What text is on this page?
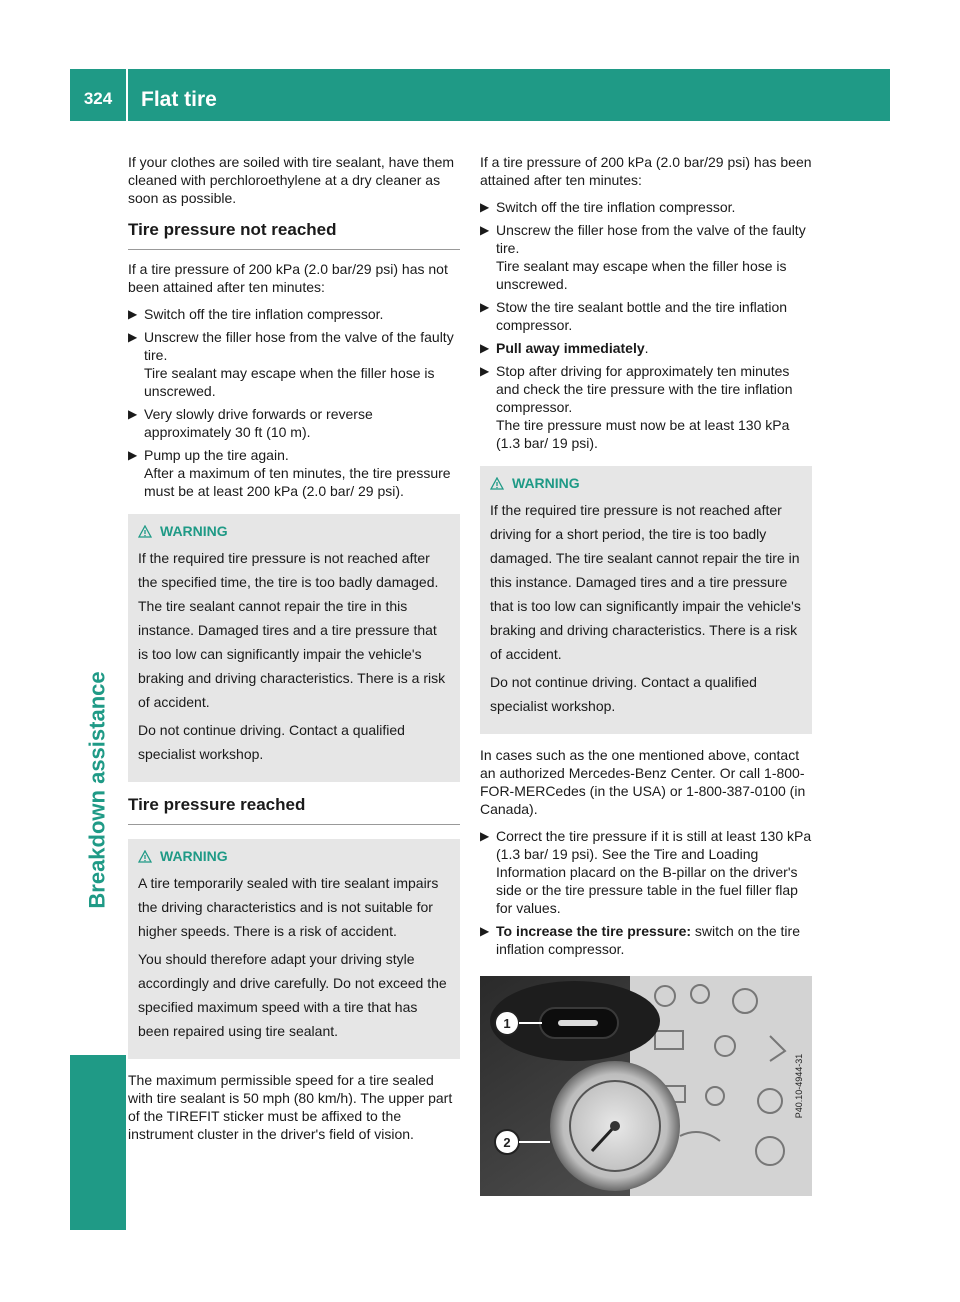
324	Flat tire
Breakdown assistance

If your clothes are soiled with tire sealant, have them cleaned with perchloroethylene at a dry cleaner as soon as possible.

Tire pressure not reached

If a tire pressure of 200 kPa (2.0 bar/29 psi) has not been attained after ten minutes:

▶ Switch off the tire inflation compressor.
▶ Unscrew the filler hose from the valve of the faulty tire.
Tire sealant may escape when the filler hose is unscrewed.
▶ Very slowly drive forwards or reverse approximately 30 ft (10 m).
▶ Pump up the tire again.
After a maximum of ten minutes, the tire pressure must be at least 200 kPa (2.0 bar/ 29 psi).
WARNING

If the required tire pressure is not reached after the specified time, the tire is too badly damaged. The tire sealant cannot repair the tire in this instance. Damaged tires and a tire pressure that is too low can significantly impair the vehicle's braking and driving characteristics. There is a risk of accident.

Do not continue driving. Contact a qualified specialist workshop.

Tire pressure reached
WARNING

A tire temporarily sealed with tire sealant impairs the driving characteristics and is not suitable for higher speeds. There is a risk of accident.

You should therefore adapt your driving style accordingly and drive carefully. Do not exceed the specified maximum speed with a tire that has been repaired using tire sealant.

The maximum permissible speed for a tire sealed with tire sealant is 50 mph (80 km/h). The upper part of the TIREFIT sticker must be affixed to the instrument cluster in the driver's field of vision.

If a tire pressure of 200 kPa (2.0 bar/29 psi) has been attained after ten minutes:

▶ Switch off the tire inflation compressor.
▶ Unscrew the filler hose from the valve of the faulty tire.
Tire sealant may escape when the filler hose is unscrewed.
▶ Stow the tire sealant bottle and the tire inflation compressor.
▶ Pull away immediately.
▶ Stop after driving for approximately ten minutes and check the tire pressure with the tire inflation compressor.
The tire pressure must now be at least 130 kPa (1.3 bar/ 19 psi).
WARNING

If the required tire pressure is not reached after driving for a short period, the tire is too badly damaged. The tire sealant cannot repair the tire in this instance. Damaged tires and a tire pressure that is too low can significantly impair the vehicle's braking and driving characteristics. There is a risk of accident.

Do not continue driving. Contact a qualified specialist workshop.

In cases such as the one mentioned above, contact an authorized Mercedes-Benz Center. Or call 1-800-FOR-MERCedes (in the USA) or 1-800-387-0100 (in Canada).

▶ Correct the tire pressure if it is still at least 130 kPa (1.3 bar/ 19 psi). See the Tire and Loading Information placard on the B-pillar on the driver's side or the tire pressure table in the fuel filler flap for values.
▶ To increase the tire pressure: switch on the tire inflation compressor.
1
2
P40.10-4944-31
